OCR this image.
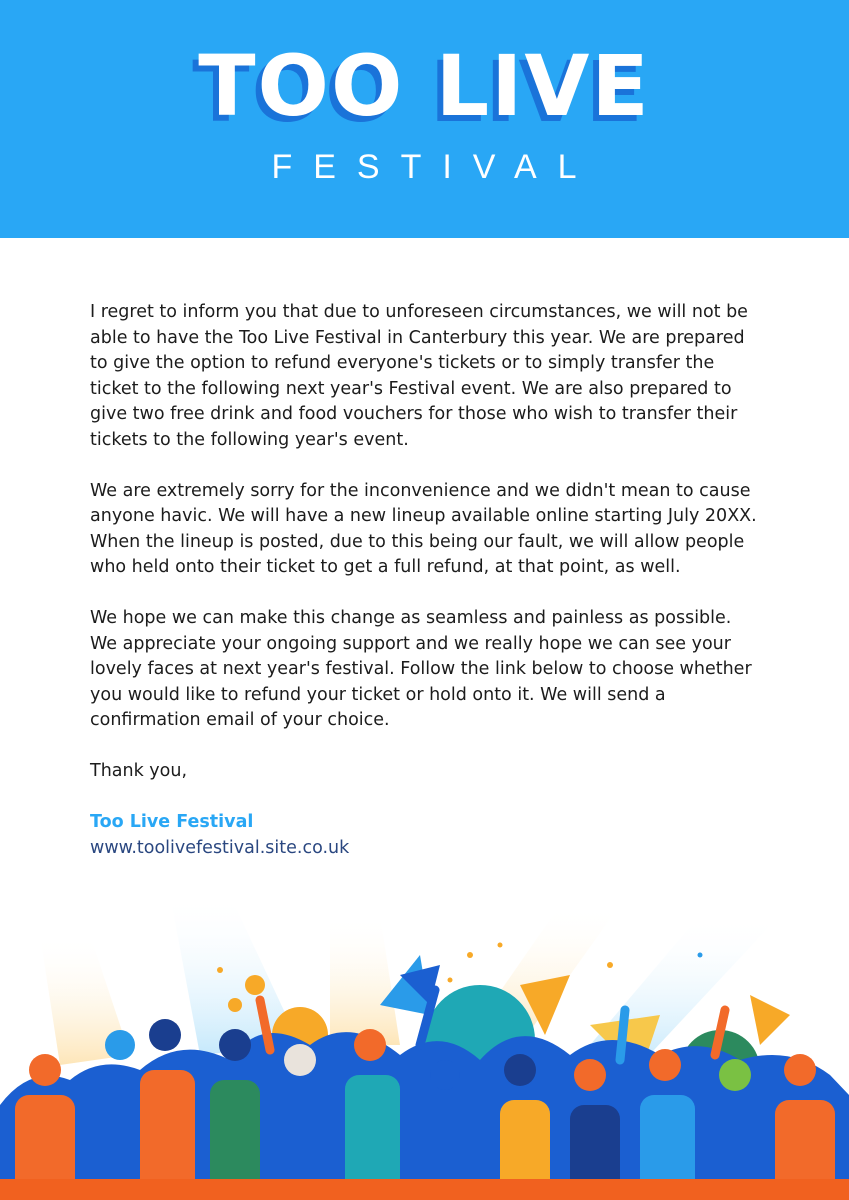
TOO LIVE
FESTIVAL

I regret to inform you that due to unforeseen circumstances, we will not be able to have the Too Live Festival in Canterbury this year. We are prepared to give the option to refund everyone's tickets or to simply transfer the ticket to the following next year's Festival event. We are also prepared to give two free drink and food vouchers for those who wish to transfer their tickets to the following year's event.

We are extremely sorry for the inconvenience and we didn't mean to cause anyone havic. We will have a new lineup available online starting July 20XX. When the lineup is posted, due to this being our fault, we will allow people who held onto their ticket to get a full refund, at that point, as well.

We hope we can make this change as seamless and painless as possible. We appreciate your ongoing support and we really hope we can see your lovely faces at next year's festival. Follow the link below to choose whether you would like to refund your ticket or hold onto it. We will send a confirmation email of your choice.

Thank you,

Too Live Festival
www.toolivefestival.site.co.uk
